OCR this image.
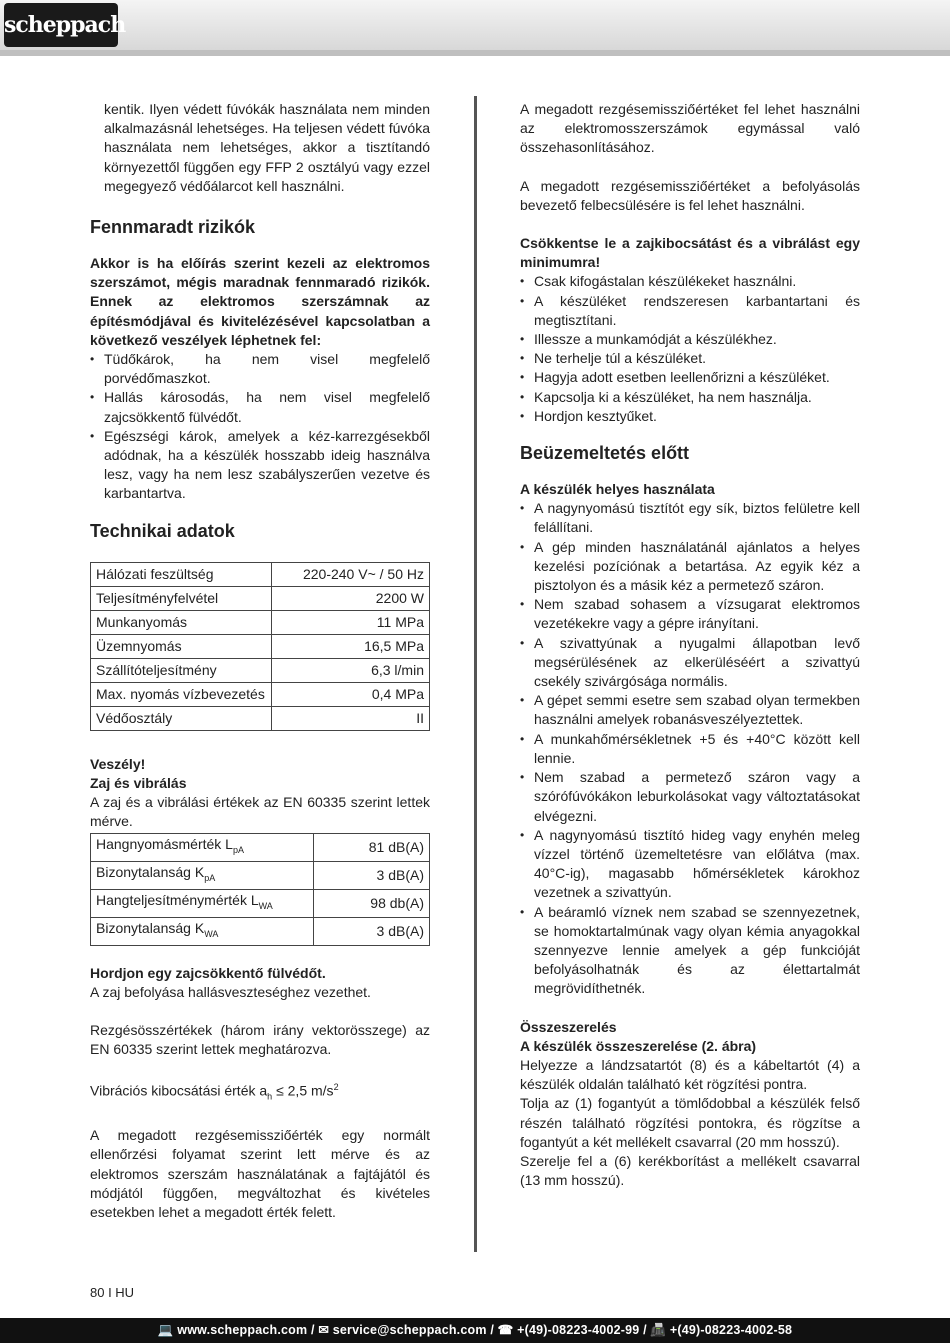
scheppach

kentik. Ilyen védett fúvókák használata nem minden alkalmazásnál lehetséges. Ha teljesen védett fúvóka használata nem lehetséges, akkor a tisztítandó környezettől függően egy FFP 2 osztályú vagy ezzel megegyező védőálarcot kell használni.

Fennmaradt rizikók

Akkor is ha előírás szerint kezeli az elektromos szerszámot, mégis maradnak fennmaradó rizikók. Ennek az elektromos szerszámnak az építésmódjával és kivitelézésével kapcsolatban a következő veszélyek léphetnek fel:

• Tüdőkárok, ha nem visel megfelelő porvédőmaszkot.
• Hallás károsodás, ha nem visel megfelelő zajcsökkentő fülvédőt.
• Egészségi károk, amelyek a kéz-karrezgésekből adódnak, ha a készülék hosszabb ideig használva lesz, vagy ha nem lesz szabályszerűen vezetve és karbantartva.
Technikai adatok
Hálózati feszültség	220-240 V~ / 50 Hz
Teljesítményfelvétel	2200 W
Munkanyomás	11 MPa
Üzemnyomás	16,5 MPa
Szállítóteljesítmény	6,3 l/min
Max. nyomás vízbevezetés	0,4 MPa
Védőosztály	II

Veszély!

Zaj és vibrálás

A zaj és a vibrálási értékek az EN 60335 szerint lettek mérve.

Hangnyomásmérték $L_{pA}$	81 dB(A)
Bizonytalanság $K_{pA}$	3 dB(A)
Hangteljesítménymérték $L_{WA}$	98 db(A)
Bizonytalanság $K_{WA}$	3 dB(A)

Hordjon egy zajcsökkentő fülvédőt.

A zaj befolyása hallásveszteséghez vezethet.

Rezgésösszértékek (három irány vektorösszege) az EN 60335 szerint lettek meghatározva.

Vibrációs kibocsátási érték $a_h \le 2,5$ $m/s^2$

A megadott rezgésemissziőérték egy normált ellenőrzési folyamat szerint lett mérve és az elektromos szerszám használatának a fajtájától és módjától függően, megváltozhat és kivételes esetekben lehet a megadott érték felett.

A megadott rezgésemissziőértéket fel lehet használni az elektromosszerszámok egymással való összehasonlításához.

A megadott rezgésemissziőértéket a befolyásolás bevezető felbecsülésére is fel lehet használni.

Csökkentse le a zajkibocsátást és a vibrálást egy minimumra!

• Csak kifogástalan készülékeket használni.
• A készüléket rendszeresen karbantartani és megtisztítani.
• Illessze a munkamódját a készülékhez.
• Ne terhelje túl a készüléket.
• Hagyja adott esetben leellenőrizni a készüléket.
• Kapcsolja ki a készüléket, ha nem használja.
• Hordjon kesztyűket.
Beüzemeltetés előtt

A készülék helyes használata

• A nagynyomású tisztítót egy sík, biztos felületre kell felállítani.
• A gép minden használatánál ajánlatos a helyes kezelési pozíciónak a betartása. Az egyik kéz a pisztolyon és a másik kéz a permetező száron.
• Nem szabad sohasem a vízsugarat elektromos vezetékekre vagy a gépre irányítani.
• A szivattyúnak a nyugalmi állapotban levő megsérülésének az elkerüléséért a szivattyú csekély szivárgósága normális.
• A gépet semmi esetre sem szabad olyan termekben használni amelyek robanásveszélyeztettek.
• A munkahőmérsékletnek +5 és +40°C között kell lennie.
• Nem szabad a permetező száron vagy a szórófúvókákon leburkolásokat vagy változtatásokat elvégezni.
• A nagynyomású tisztító hideg vagy enyhén meleg vízzel történő üzemeltetésre van előlátva (max. 40°C-ig), magasabb hőmérsékletek károkhoz vezetnek a szivattyún.
• A beáramló víznek nem szabad se szennyezetnek, se homoktartalmúnak vagy olyan kémia anyagokkal szennyezve lennie amelyek a gép funkcióját befolyásolhatnák és az élettartalmát megrövidíthetnék.

Összeszerelés

A készülék összeszerelése (2. ábra)

Helyezze a lándzsatartót (8) és a kábeltartót (4) a készülék oldalán található két rögzítési pontra.

Tolja az (1) fogantyút a tömlődobbal a készülék felső részén található rögzítési pontokra, és rögzítse a fogantyút a két mellékelt csavarral (20 mm hosszú).

Szerelje fel a (6) kerékborítást a mellékelt csavarral (13 mm hosszú).

80 I HU
💻 www.scheppach.com / ✉ service@scheppach.com / ☎ +(49)-08223-4002-99 / 📠 +(49)-08223-4002-58
